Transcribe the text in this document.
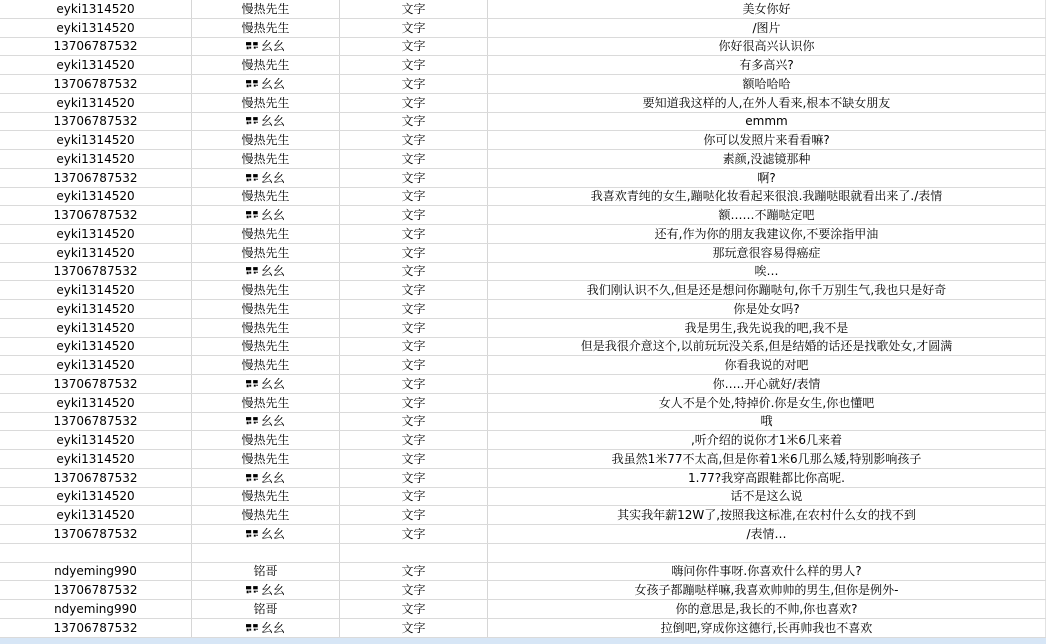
eyki1314520	慢热先生	文字	美女你好
eyki1314520	慢热先生	文字	/图片
13706787532	幺幺	文字	你好很高兴认识你
eyki1314520	慢热先生	文字	有多高兴?
13706787532	幺幺	文字	额哈哈哈
eyki1314520	慢热先生	文字	要知道我这样的人,在外人看来,根本不缺女朋友
13706787532	幺幺	文字	emmm
eyki1314520	慢热先生	文字	你可以发照片来看看嘛?
eyki1314520	慢热先生	文字	素颜,没滤镜那种
13706787532	幺幺	文字	啊?
eyki1314520	慢热先生	文字	我喜欢青纯的女生,蹦哒化妆看起来很浪.我蹦哒眼就看出来了./表情
13706787532	幺幺	文字	额……不蹦哒定吧
eyki1314520	慢热先生	文字	还有,作为你的朋友我建议你,不要涂指甲油
eyki1314520	慢热先生	文字	那玩意很容易得癌症
13706787532	幺幺	文字	唉…
eyki1314520	慢热先生	文字	我们刚认识不久,但是还是想问你蹦哒句,你千万别生气,我也只是好奇
eyki1314520	慢热先生	文字	你是处女吗?
eyki1314520	慢热先生	文字	我是男生,我先说我的吧,我不是
eyki1314520	慢热先生	文字	但是我很介意这个,以前玩玩没关系,但是结婚的话还是找歌处女,才圆满
eyki1314520	慢热先生	文字	你看我说的对吧
13706787532	幺幺	文字	你…..开心就好/表情
eyki1314520	慢热先生	文字	女人不是个处,特掉价.你是女生,你也懂吧
13706787532	幺幺	文字	哦
eyki1314520	慢热先生	文字	,听介绍的说你才1米6几来着
eyki1314520	慢热先生	文字	我虽然1米77不太高,但是你着1米6几那么矮,特别影响孩子
13706787532	幺幺	文字	1.77?我穿高跟鞋都比你高呢.
eyki1314520	慢热先生	文字	话不是这么说
eyki1314520	慢热先生	文字	其实我年薪12W了,按照我这标准,在农村什么女的找不到
13706787532	幺幺	文字	/表情…
ndyeming990	铭哥	文字	嗨问你件事呀.你喜欢什么样的男人?
13706787532	幺幺	文字	女孩子都蹦哒样嘛,我喜欢帅帅的男生,但你是例外-
ndyeming990	铭哥	文字	你的意思是,我长的不帅,你也喜欢?
13706787532	幺幺	文字	拉倒吧,穿成你这德行,长再帅我也不喜欢
